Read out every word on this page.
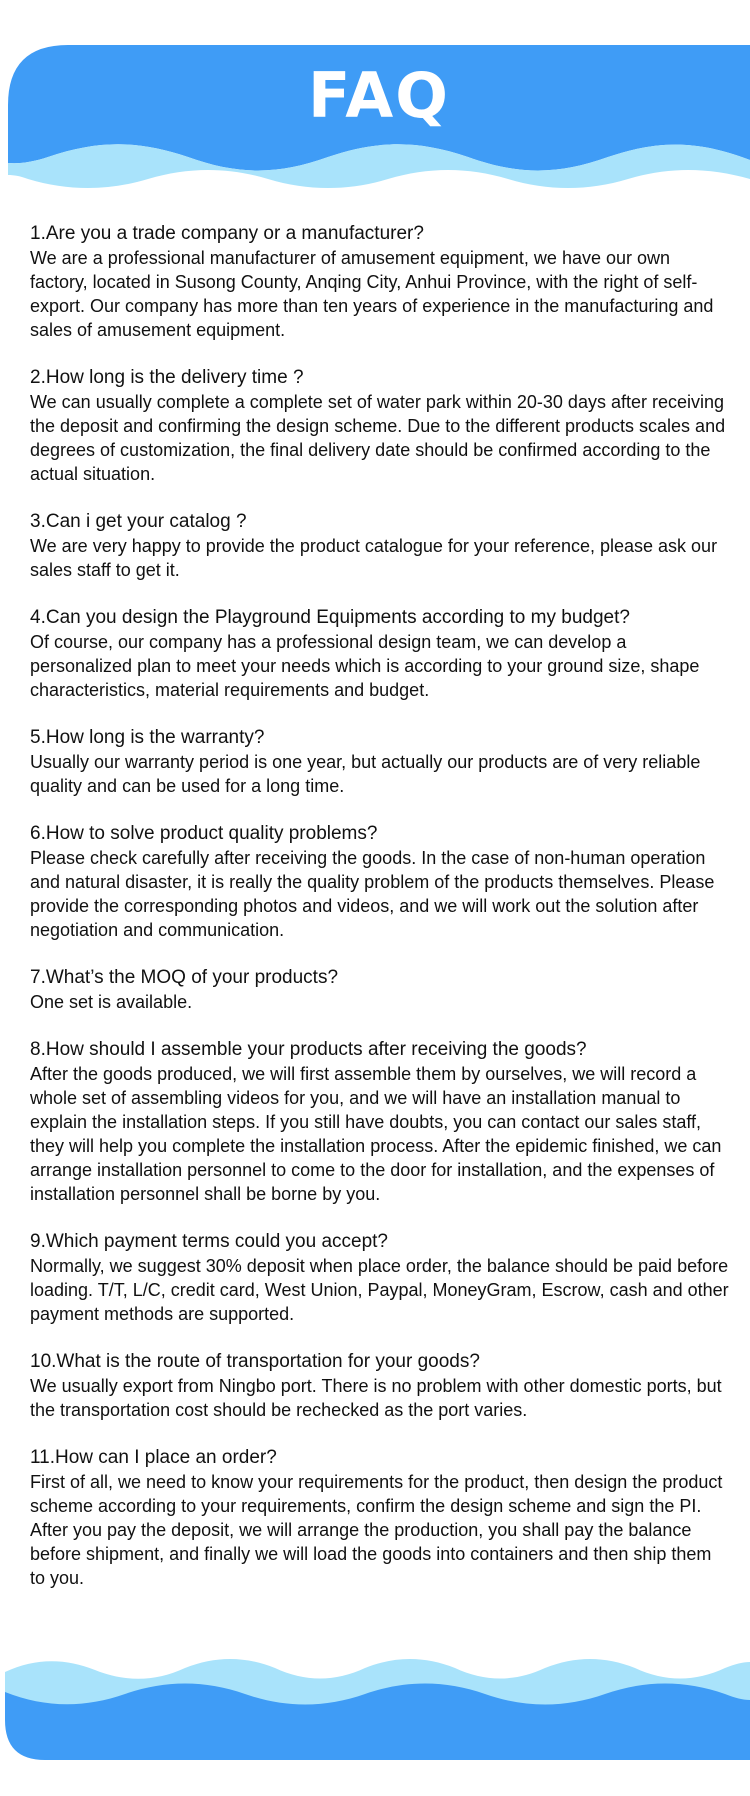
FAQ
1.Are you a trade company or a manufacturer?
We are a professional manufacturer of amusement equipment, we have our own factory, located in Susong County, Anqing City, Anhui Province, with the right of self-export. Our company has more than ten years of experience in the manufacturing and sales of amusement equipment.
2.How long is the delivery time ?
We can usually complete a complete set of water park within 20-30 days after receiving the deposit and confirming the design scheme. Due to the different products scales and degrees of customization, the final delivery date should be confirmed according to the actual situation.
3.Can i get your catalog ?
We are very happy to provide the product catalogue for your reference, please ask our sales staff to get it.
4.Can you design the Playground Equipments according to my budget?
Of course, our company has a professional design team, we can develop a personalized plan to meet your needs which is according to your ground size, shape characteristics, material requirements and budget.
5.How long is the warranty?
Usually our warranty period is one year, but actually our products are of very reliable quality and can be used for a long time.
6.How to solve product quality problems?
Please check carefully after receiving the goods. In the case of non-human operation and natural disaster, it is really the quality problem of the products themselves. Please provide the corresponding photos and videos, and we will work out the solution after negotiation and communication.
7.What’s the MOQ of your products?
One set is available.
8.How should I assemble your products after receiving the goods?
After the goods produced, we will first assemble them by ourselves, we will record a whole set of assembling videos for you, and we will have an installation manual to explain the installation steps. If you still have doubts, you can contact our sales staff, they will help you complete the installation process. After the epidemic finished, we can arrange installation personnel to come to the door for installation, and the expenses of installation personnel shall be borne by you.
9.Which payment terms could you accept?
Normally, we suggest 30% deposit when place order, the balance should be paid before loading. T/T, L/C, credit card, West Union, Paypal, MoneyGram, Escrow, cash and other payment methods are supported.
10.What is the route of transportation for your goods?
We usually export from Ningbo port. There is no problem with other domestic ports, but the transportation cost should be rechecked as the port varies.
11.How can I place an order?
First of all, we need to know your requirements for the product, then design the product scheme according to your requirements, confirm the design scheme and sign the PI. After you pay the deposit, we will arrange the production, you shall pay the balance before shipment, and finally we will load the goods into containers and then ship them to you.
